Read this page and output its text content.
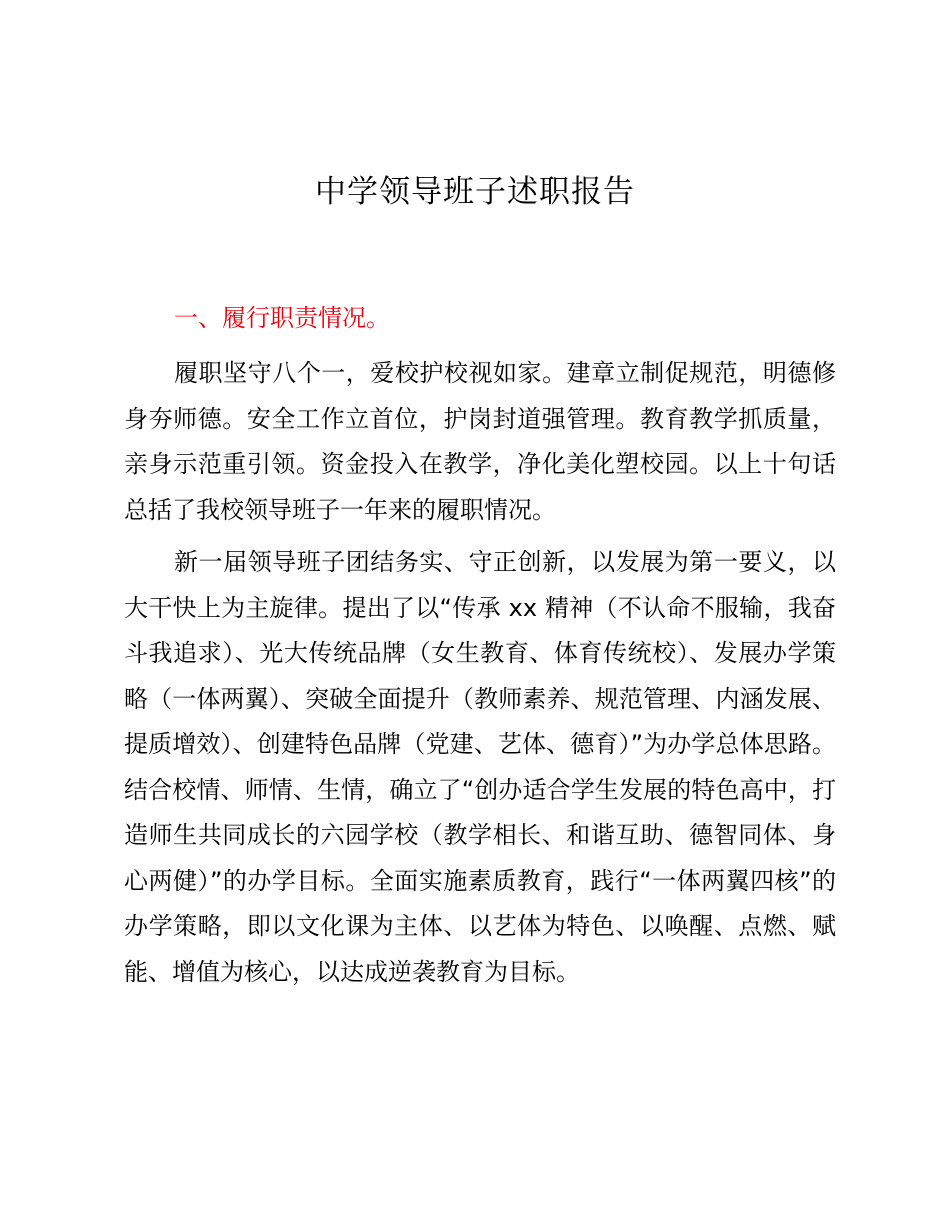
中学领导班子述职报告
一、履行职责情况。

履职坚守八个一，爱校护校视如家。建章立制促规范，明德修身夯师德。安全工作立首位，护岗封道强管理。教育教学抓质量，亲身示范重引领。资金投入在教学，净化美化塑校园。以上十句话总括了我校领导班子一年来的履职情况。

新一届领导班子团结务实、守正创新，以发展为第一要义，以大干快上为主旋律。提出了以“传承 xx 精神（不认命不服输，我奋斗我追求）、光大传统品牌（女生教育、体育传统校）、发展办学策略（一体两翼）、突破全面提升（教师素养、规范管理、内涵发展、提质增效）、创建特色品牌（党建、艺体、德育）”为办学总体思路。结合校情、师情、生情，确立了“创办适合学生发展的特色高中，打造师生共同成长的六园学校（教学相长、和谐互助、德智同体、身心两健）”的办学目标。全面实施素质教育，践行“一体两翼四核”的办学策略，即以文化课为主体、以艺体为特色、以唤醒、点燃、赋能、增值为核心，以达成逆袭教育为目标。
